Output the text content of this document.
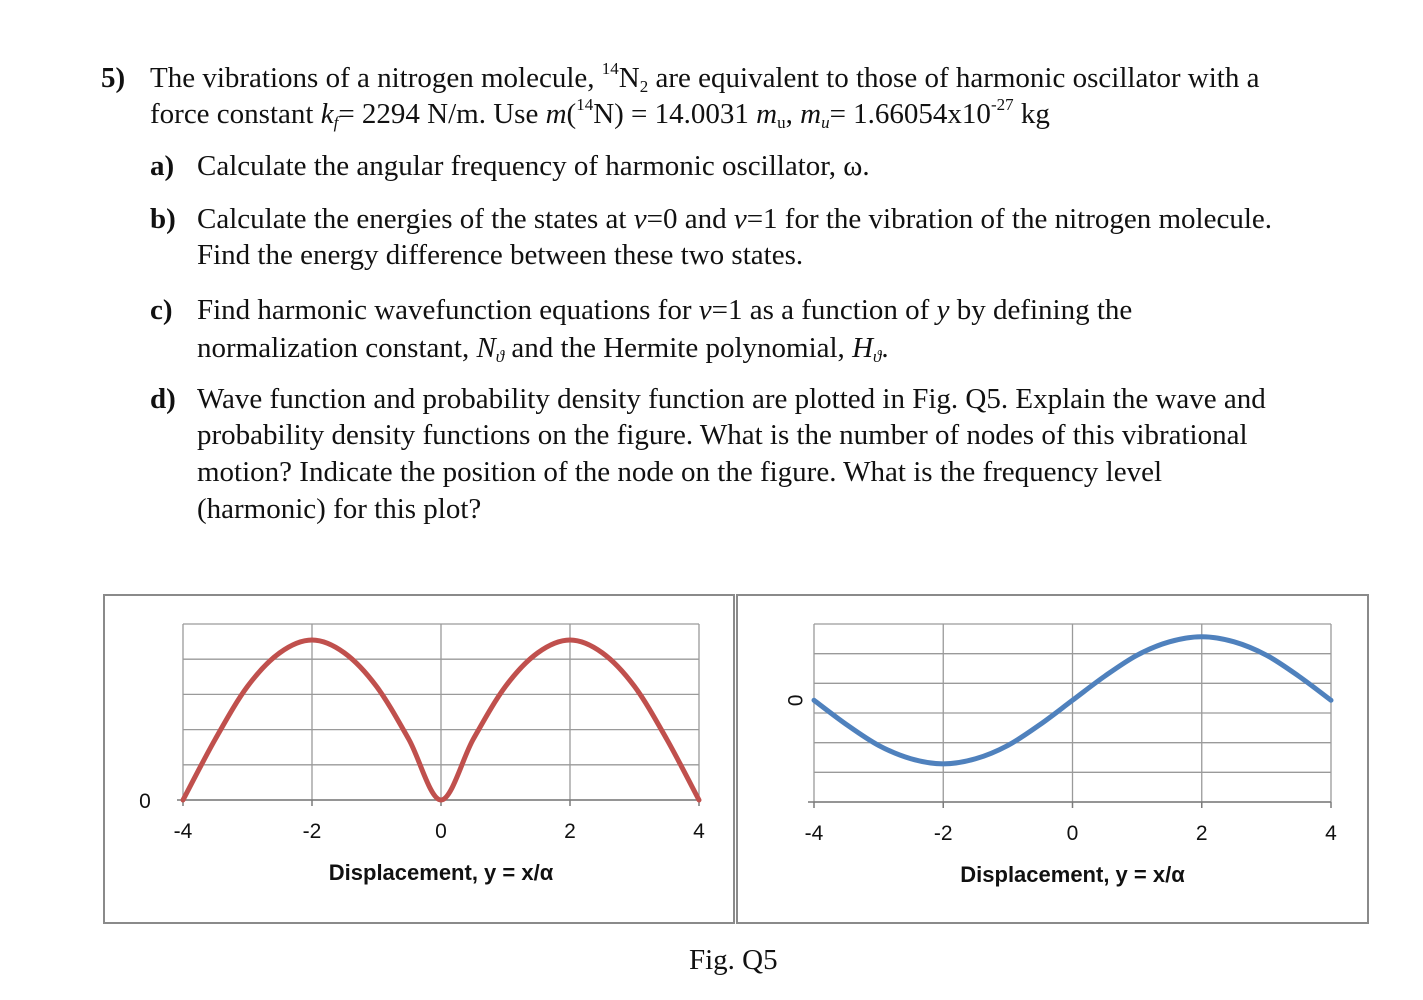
5) The vibrations of a nitrogen molecule, $^{14}N_2$ are equivalent to those of harmonic oscillator with a
force constant $k_f= 2294$ N/m. Use m($^{14}$N) = 14.0031 $m_u$, $m_u= 1.66054x10^{-27}$ kg
a) Calculate the angular frequency of harmonic oscillator, ω.
b) Calculate the energies of the states at v=0 and v=1 for the vibration of the nitrogen molecule.
Find the energy difference between these two states.
c) Find harmonic wavefunction equations for v=1 as a function of y by defining the
normalization constant, $N_ϑ$ and the Hermite polynomial, $H_ϑ$.
d) Wave function and probability density function are plotted in Fig. Q5. Explain the wave and
probability density functions on the figure. What is the number of nodes of this vibrational
motion? Indicate the position of the node on the figure. What is the frequency level
(harmonic) for this plot?
-4	-2	0	2	4
0
Displacement, y = x/α
-4	-2	0	2	4
0
Displacement, y = x/α
Fig. Q5
